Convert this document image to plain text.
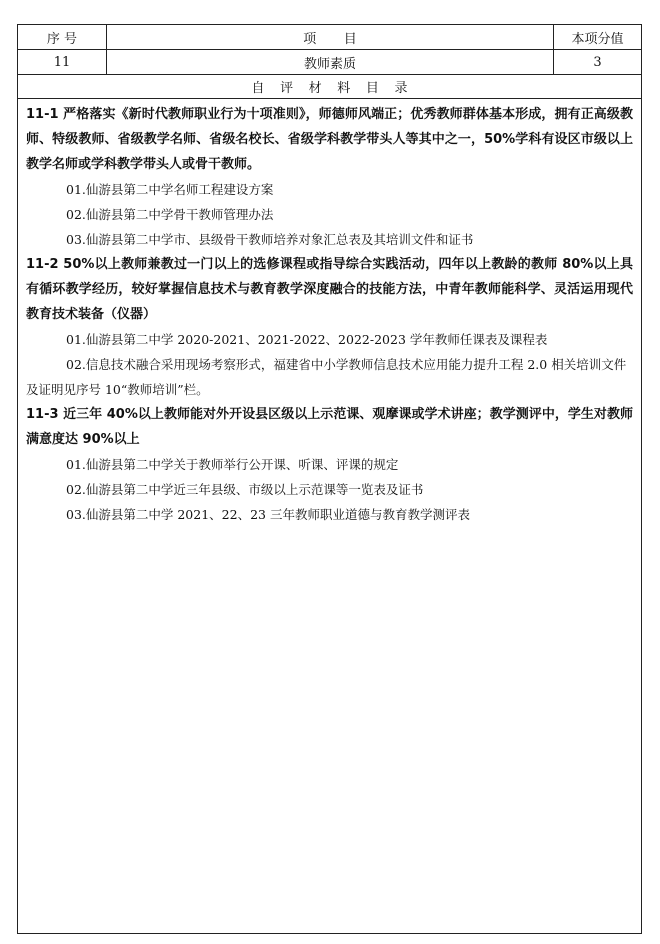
序 号	项 目	本项分值
11	教师素质	3
自评材料目录

11-1 严格落实《新时代教师职业行为十项准则》，师德师风端正；优秀教师群体基本形成，拥有正高级教师、特级教师、省级教学名师、省级名校长、省级学科教学带头人等其中之一，50%学科有设区市级以上教学名师或学科教学带头人或骨干教师。

01.仙游县第二中学名师工程建设方案

02.仙游县第二中学骨干教师管理办法

03.仙游县第二中学市、县级骨干教师培养对象汇总表及其培训文件和证书

11-2 50%以上教师兼教过一门以上的选修课程或指导综合实践活动，四年以上教龄的教师 80%以上具有循环教学经历，较好掌握信息技术与教育教学深度融合的技能方法，中青年教师能科学、灵活运用现代教育技术装备（仪器）

01.仙游县第二中学 2020-2021、2021-2022、2022-2023 学年教师任课表及课程表

02.信息技术融合采用现场考察形式，福建省中小学教师信息技术应用能力提升工程 2.0 相关培训文件及证明见序号 10“教师培训”栏。

11-3 近三年 40%以上教师能对外开设县区级以上示范课、观摩课或学术讲座；教学测评中，学生对教师满意度达 90%以上

01.仙游县第二中学关于教师举行公开课、听课、评课的规定

02.仙游县第二中学近三年县级、市级以上示范课等一览表及证书

03.仙游县第二中学 2021、22、23 三年教师职业道德与教育教学测评表
